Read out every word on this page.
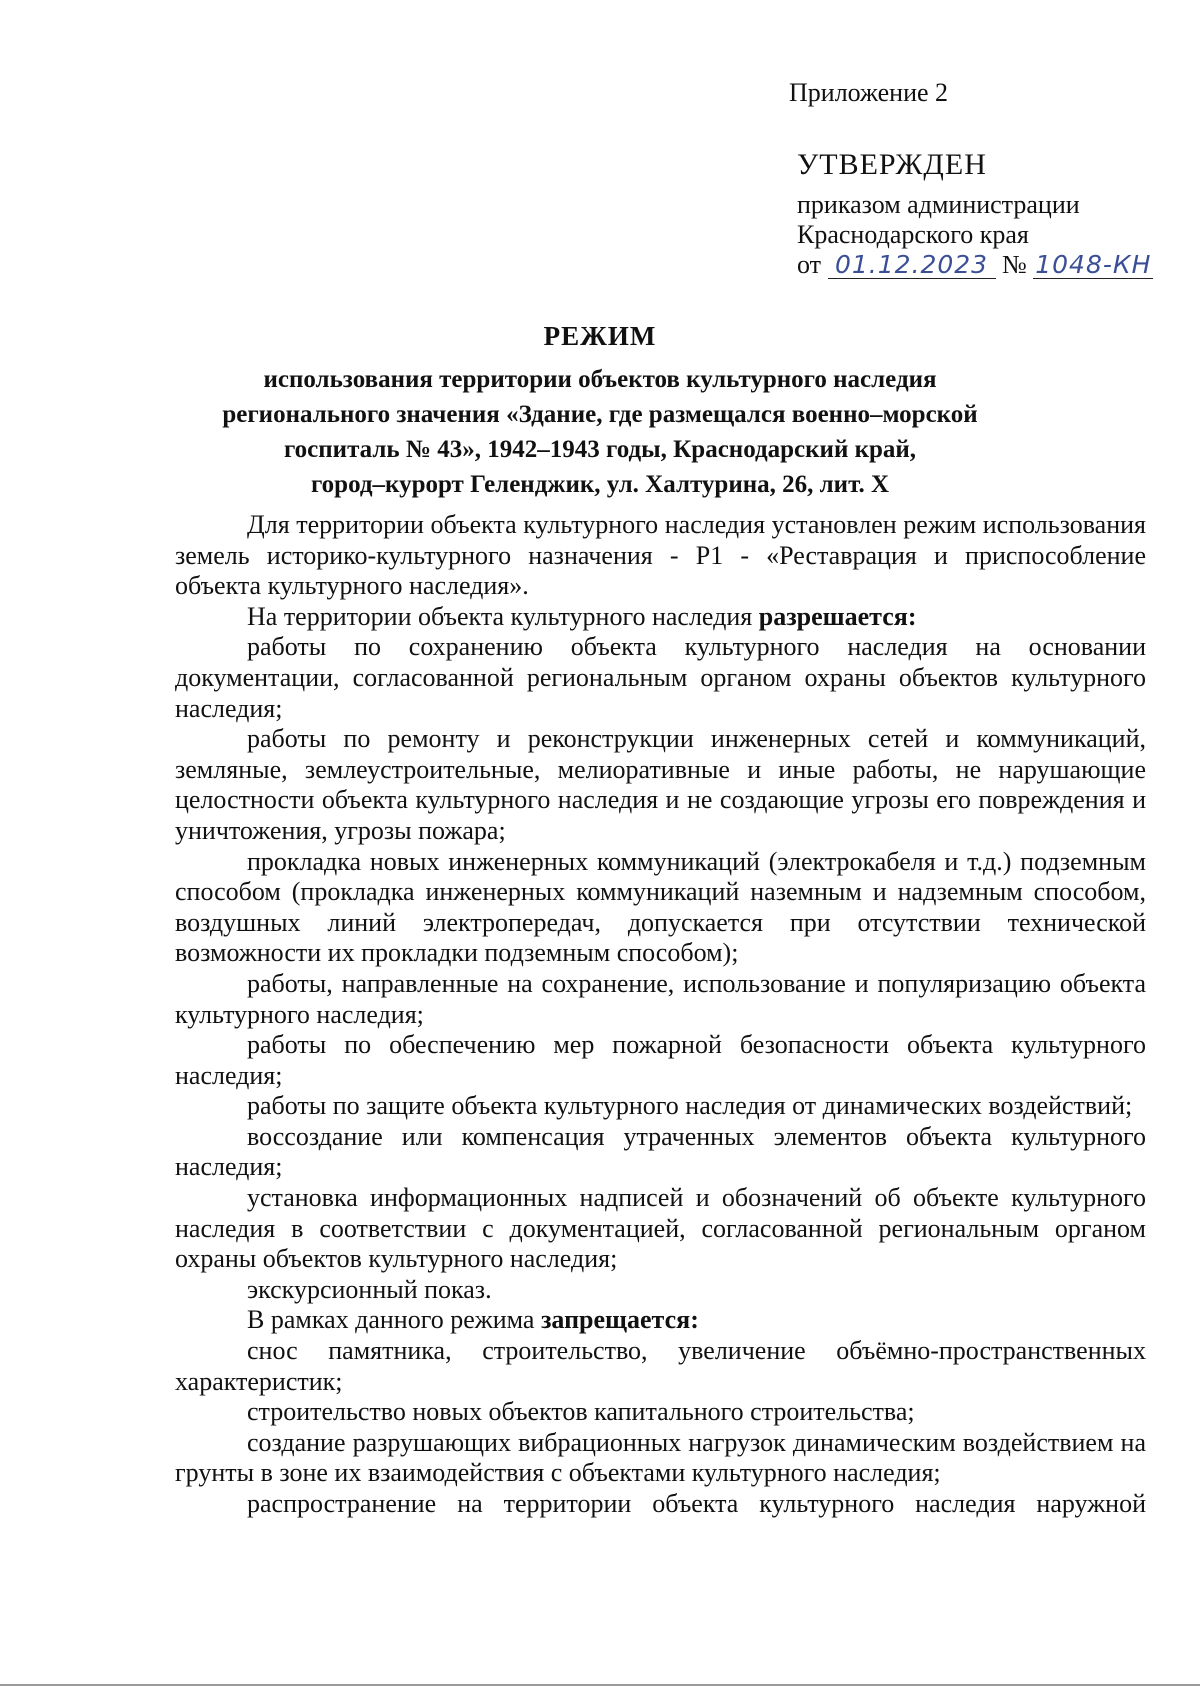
Приложение 2
УТВЕРЖДЕН
приказом администрации
Краснодарского края
от 01.12.2023 № 1048-КН
РЕЖИМ
использования территории объектов культурного наследия
регионального значения «Здание, где размещался военно–морской
госпиталь № 43», 1942–1943 годы, Краснодарский край,
город–курорт Геленджик, ул. Халтурина, 26, лит. Х

Для территории объекта культурного наследия установлен режим использования земель историко-культурного назначения - Р1 - «Реставрация и приспособление объекта культурного наследия».

На территории объекта культурного наследия разрешается:

работы по сохранению объекта культурного наследия на основании документации, согласованной региональным органом охраны объектов культурного наследия;

работы по ремонту и реконструкции инженерных сетей и коммуникаций, земляные, землеустроительные, мелиоративные и иные работы, не нарушающие целостности объекта культурного наследия и не создающие угрозы его повреждения и уничтожения, угрозы пожара;

прокладка новых инженерных коммуникаций (электрокабеля и т.д.) подземным способом (прокладка инженерных коммуникаций наземным и надземным способом, воздушных линий электропередач, допускается при отсутствии технической возможности их прокладки подземным способом);

работы, направленные на сохранение, использование и популяризацию объекта культурного наследия;

работы по обеспечению мер пожарной безопасности объекта культурного наследия;

работы по защите объекта культурного наследия от динамических воздействий;

воссоздание или компенсация утраченных элементов объекта культурного наследия;

установка информационных надписей и обозначений об объекте культурного наследия в соответствии с документацией, согласованной региональным органом охраны объектов культурного наследия;

экскурсионный показ.

В рамках данного режима запрещается:

снос памятника, строительство, увеличение объёмно-пространственных характеристик;

строительство новых объектов капитального строительства;

создание разрушающих вибрационных нагрузок динамическим воздействием на грунты в зоне их взаимодействия с объектами культурного наследия;

распространение на территории объекта культурного наследия наружной
